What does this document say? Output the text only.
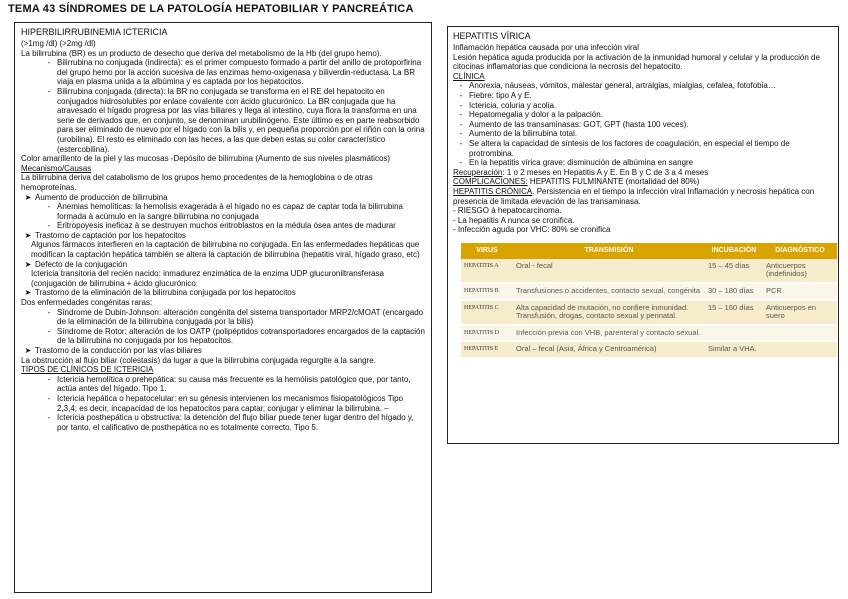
TEMA 43 SÍNDROMES DE LA PATOLOGÍA HEPATOBILIAR Y PANCREÁTICA

HIPERBILIRRUBINEMIA ICTERICIA

(>1mg /dl) (>2mg /dl)

La bilirrubina (BR) es un producto de desecho que deriva del metabolismo de la Hb (del grupo hemo).

- Bilirrubina no conjugada (indirecta): es el primer compuesto formado a partir del anillo de protoporfirina del grupo hemo por la acción sucesiva de las enzimas hemo-oxigenasa y biliverdin-reductasa. La BR viaja en plasma unida a la albúmina y es captada por los hepatocitos.
- Bilirrubina conjugada (directa): la BR no conjugada se transforma en el RE del hepatocito en conjugados hidrosolubles por enlace covalente con ácido glucurónico. La BR conjugada que ha atravesado el hígado progresa por las vías biliares y llega al intestino, cuya flora la transforma en una serie de derivados que, en conjunto, se denominan urubilinógeno. Este último es en parte reabsorbido para ser eliminado de nuevo por el hígado con la bilis y, en pequeña proporción por el riñón con la orina (urobilina). El resto es eliminado con las heces, a las que deben estas su color característico (estercobilina).

Color amarillento de la piel y las mucosas -Depósito de bilirrubina (Aumento de sus niveles plasmáticos)

Mecanismo/Causas

La bilirrubina deriva del catabolismo de los grupos hemo procedentes de la hemoglobina o de otras hemoproteínas.

➤ Aumento de producción de bilirrubina
- Anemias hemolíticas: la hemolisis exagerada à el hígado no es capaz de captar toda la bilirrubina formada à acúmulo en la sangre bilirrubina no conjugada
- Eritropoyesis ineficaz à se destruyen muchos eritroblastos en la médula ósea antes de madurar
➤ Trastorno de captación por los hepatocitos

Algunos fármacos interfieren en la captación de bilirrubina no conjugada. En las enfermedades hepáticas que modifican la captación hepática también se altera la captación de bilirrubina (hepatitis viral, hígado graso, etc)

➤ Defecto de la conjugación

Ictericia transitoria del recién nacido: inmadurez enzimática de la enzima UDP glucuroniltransferasa (conjugación de bilirrubina + ácido glucurónico

➤ Trastorno de la eliminación de la bilirrubina conjugada por los hepatocitos

Dos enfermedades congénitas raras:

- Síndrome de Dubin-Johnson: alteración congénita del sistema transportador MRP2/cMOAT (encargado de la eliminación de la bilirrubina conjugada por la bilis)
- Síndrome de Rotor: alteración de los OATP (polipéptidos cotransportadores encargados de la captación de la bilirrubina no conjugada por los hepatocitos.
➤ Trastorno de la conducción por las vías biliares

La obstrucción al flujo biliar (colestasis) da lugar a que la bilirrubina conjugada regurgite a la sangre.

TIPOS DE CLÍNICOS DE ICTERICIA

- Ictericia hemolítica o prehepática: su causa más frecuente es la hemólisis patológico que, por tanto, actúa antes del hígado. Tipo 1.
- Ictericia hepática o hepatocelular: en su génesis intervienen los mecanismos fisiopatológicos Tipo 2,3,4; es decir, incapacidad de los hepatocitos para captar, conjugar y eliminar la bilirrubina. –
- Ictericia posthepática u obstructiva: la detención del flujo biliar puede tener lugar dentro del hígado y, por tanto, el calificativo de posthepática no es totalmente correcto. Tipo 5.

HEPATITIS VÍRICA

Inflamación hepática causada por una infección viral

Lesión hepática aguda producida por la activación de la inmunidad humoral y celular y la producción de citocinas inflamatorias que condiciona la necrosis del hepatocito.

CLÍNICA

- Anorexia, náuseas, vómitos, malestar general, artralgias, mialgias, cefalea, fotofobia…
- Fiebre: tipo A y E.
- Ictericia, coluria y acolia.
- Hepatomegalia y dolor a la palpación.
- Aumento de las transaminasas: GOT, GPT (hasta 100 veces).
- Aumento de la bilirrubina total.
- Se altera la capacidad de síntesis de los factores de coagulación, en especial el tiempo de protrombina.
- En la hepatitis vírica grave: disminución de albúmina en sangre

Recuperación: 1 o 2 meses en Hepatitis A y E. En B y C de 3 a 4 meses

COMPLICACIONES: HEPATITIS FULMINANTE (mortalidad del 80%)

HEPATITIS CRÓNICA. Persistencia en el tiempo la infección viral Inflamación y necrosis hepática con presencia de limitada elevación de las transaminasa.

- RIESGO à hepatocarcinoma.

- La hepatitis A nunca se cronifica.

- Infección aguda por VHC: 80% se cronifica

VIRUS	TRANSMISIÓN	INCUBACIÓN	DIAGNÓSTICO
HEPATITIS A	Oral - fecal	15 – 45 días	Anticuerpos (indefinidos)
HEPATITIS B	Transfusiones o accidentes, contacto sexual, congénita	30 – 180 días	PCR
HEPATITIS C	Alta capacidad de mutación, no confiere inmunidad. Transfusión, drogas, contacto sexual y perinatal.	15 – 160 días	Anticuerpos en suero
HEPATITIS D	Infección previa con VHB, parenteral y contacto sexual.		
HEPATITIS E	Oral – fecal (Asia, África y Centroamérica)	Similar a VHA.	
